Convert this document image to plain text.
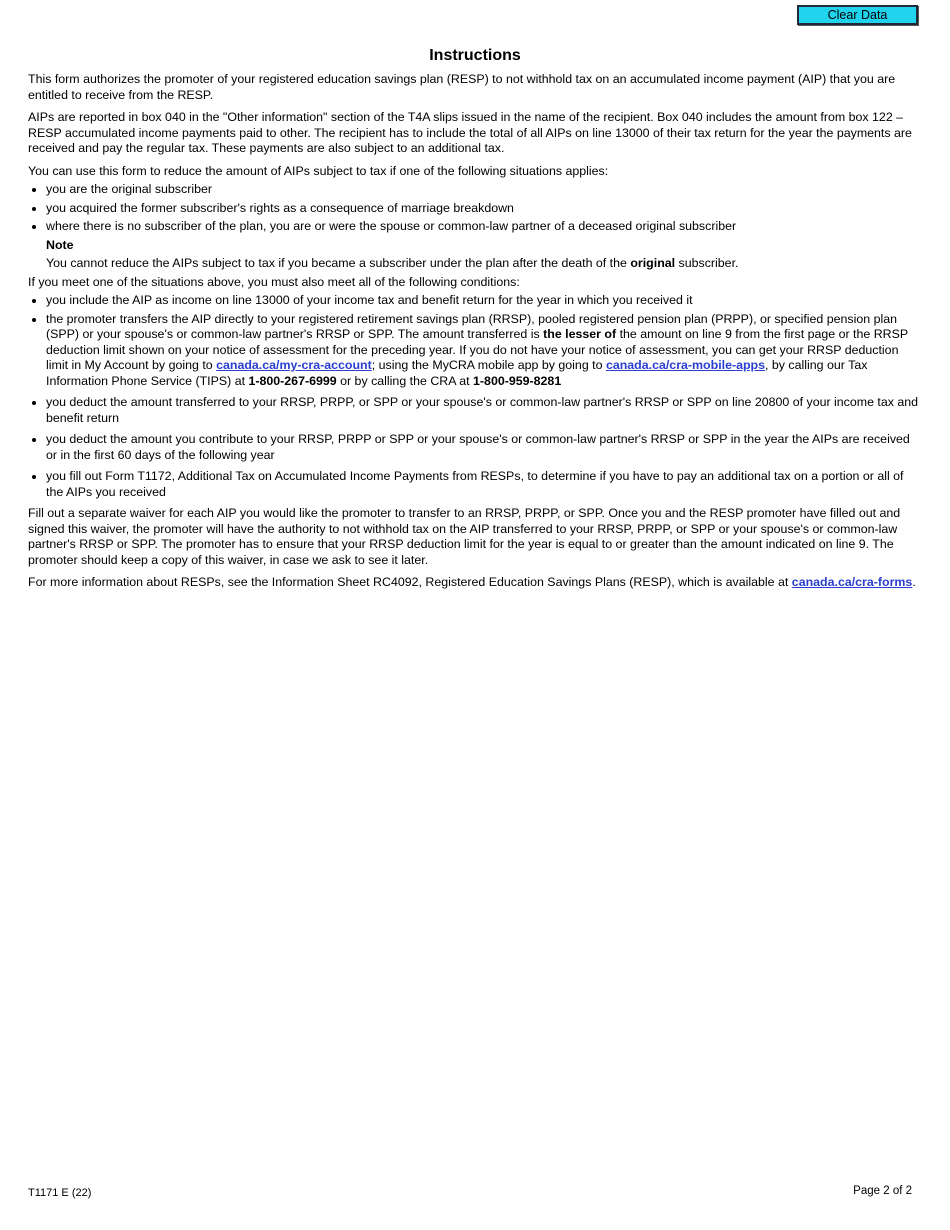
Clear Data
Instructions

This form authorizes the promoter of your registered education savings plan (RESP) to not withhold tax on an accumulated income payment (AIP) that you are entitled to receive from the RESP.

AIPs are reported in box 040 in the "Other information" section of the T4A slips issued in the name of the recipient. Box 040 includes the amount from box 122 – RESP accumulated income payments paid to other. The recipient has to include the total of all AIPs on line 13000 of their tax return for the year the payments are received and pay the regular tax. These payments are also subject to an additional tax.

You can use this form to reduce the amount of AIPs subject to tax if one of the following situations applies:

• you are the original subscriber
• you acquired the former subscriber's rights as a consequence of marriage breakdown
• where there is no subscriber of the plan, you are or were the spouse or common-law partner of a deceased original subscriber
Note
You cannot reduce the AIPs subject to tax if you became a subscriber under the plan after the death of the original subscriber.

If you meet one of the situations above, you must also meet all of the following conditions:

• you include the AIP as income on line 13000 of your income tax and benefit return for the year in which you received it
• the promoter transfers the AIP directly to your registered retirement savings plan (RRSP), pooled registered pension plan (PRPP), or specified pension plan (SPP) or your spouse's or common-law partner's RRSP or SPP. The amount transferred is the lesser of the amount on line 9 from the first page or the RRSP deduction limit shown on your notice of assessment for the preceding year. If you do not have your notice of assessment, you can get your RRSP deduction limit in My Account by going to canada.ca/my-cra-account; using the MyCRA mobile app by going to canada.ca/cra-mobile-apps, by calling our Tax Information Phone Service (TIPS) at 1-800-267-6999 or by calling the CRA at 1-800-959-8281
• you deduct the amount transferred to your RRSP, PRPP, or SPP or your spouse's or common-law partner's RRSP or SPP on line 20800 of your income tax and benefit return
• you deduct the amount you contribute to your RRSP, PRPP or SPP or your spouse's or common-law partner's RRSP or SPP in the year the AIPs are received or in the first 60 days of the following year
• you fill out Form T1172, Additional Tax on Accumulated Income Payments from RESPs, to determine if you have to pay an additional tax on a portion or all of the AIPs you received

Fill out a separate waiver for each AIP you would like the promoter to transfer to an RRSP, PRPP, or SPP. Once you and the RESP promoter have filled out and signed this waiver, the promoter will have the authority to not withhold tax on the AIP transferred to your RRSP, PRPP, or SPP or your spouse's or common-law partner's RRSP or SPP. The promoter has to ensure that your RRSP deduction limit for the year is equal to or greater than the amount indicated on line 9. The promoter should keep a copy of this waiver, in case we ask to see it later.

For more information about RESPs, see the Information Sheet RC4092, Registered Education Savings Plans (RESP), which is available at canada.ca/cra-forms.

T1171 E (22)	Page 2 of 2
